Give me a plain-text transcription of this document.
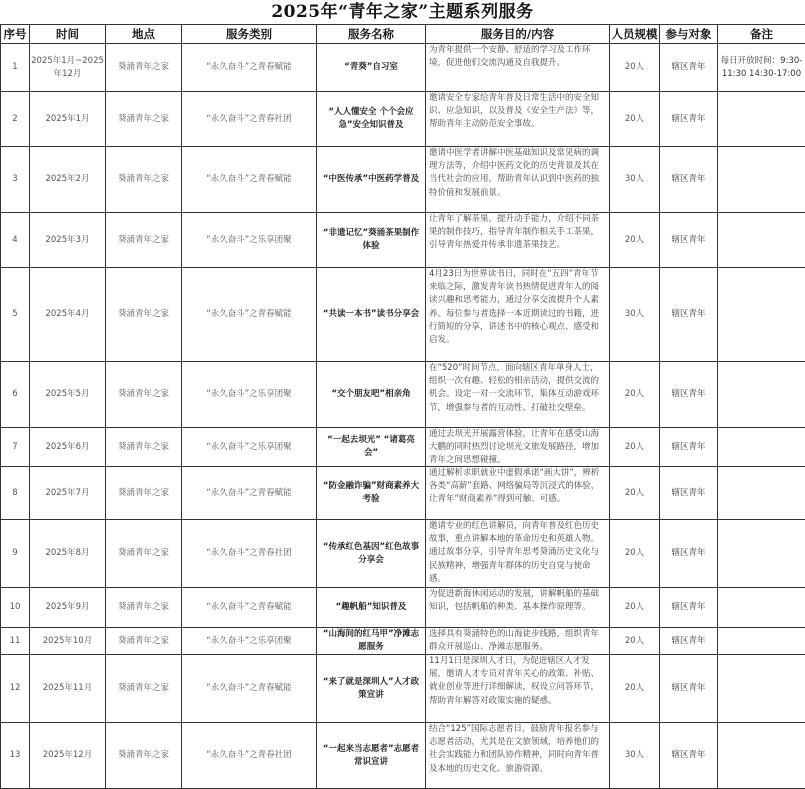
2025年“青年之家”主题系列服务
序号	时间	地点	服务类别	服务名称	服务目的/内容	人员规模	参与对象	备注
1	2025年1月~2025年12月	葵涌青年之家	“永久奋斗”之青春赋能	“青葵”自习室	为青年提供一个安静、舒适的学习及工作环境，促进他们交流沟通及自我提升。	20人	辖区青年	每日开放时间：9:30-11:30 14:30-17:00
2	2025年1月	葵涌青年之家	“永久奋斗”之青春社团	“人人懂安全 个个会应急”安全知识普及	邀请安全专家给青年普及日常生活中的安全知识、应急知识，以及普及《安全生产法》等，帮助青年主动防范安全事故。	20人	辖区青年	
3	2025年2月	葵涌青年之家	“永久奋斗”之青春赋能	“中医传承”中医药学普及	邀请中医学者讲解中医基础知识及常见病的调理方法等，介绍中医药文化的历史背景及其在当代社会的应用，帮助青年认识到中医药的独特价值和发展前景。	30人	辖区青年	
4	2025年3月	葵涌青年之家	“永久奋斗”之乐享团聚	“非遗记忆”葵涌茶果制作体验	让青年了解茶果，提升动手能力，介绍不同茶果的制作技巧，指导青年制作相关手工茶果，引导青年热爱并传承非遗茶果技艺。	20人	辖区青年	
5	2025年4月	葵涌青年之家	“永久奋斗”之青春赋能	“共读一本书”读书分享会	4月23日为世界读书日，同时在“五四”青年节来临之际，激发青年读书热情促进青年人的阅读兴趣和思考能力，通过分享交流提升个人素养。每位参与者选择一本近期读过的书籍，进行简短的分享，讲述书中的核心观点、感受和启发。	30人	辖区青年	
6	2025年5月	葵涌青年之家	“永久奋斗”之乐享团聚	“交个朋友吧”相亲角	在“520”时间节点，面向辖区青年单身人士，组织一次有趣、轻松的相亲活动，提供交流的机会。设定一对一交流环节，集体互动游戏环节，增强参与者的互动性、打破社交壁垒。	20人	辖区青年	
7	2025年6月	葵涌青年之家	“永久奋斗”之乐享团聚	“一起去坝光” “诸葛亮会”	通过去坝光开展露营体验，让青年在感受山海大鹏的同时热烈讨论坝光文旅发展路径，增加青年之间思想碰撞。	20人	辖区青年	
8	2025年7月	葵涌青年之家	“永久奋斗”之青春赋能	“防金融诈骗”财商素养大考验	通过解析求职就业中虚假承诺“画大饼”，辨析各类“高薪”套路、网络骗局等沉浸式的体验，让青年“财商素养”得到可触、可感。	20人	辖区青年	
9	2025年8月	葵涌青年之家	“永久奋斗”之青春社团	“传承红色基因”红色故事分享会	邀请专业的红色讲解员，向青年普及红色历史故事，重点讲解本地的革命历史和英雄人物。通过故事分享，引导青年思考葵涌历史文化与民族精神，增强青年群体的历史自觉与使命感。	20人	辖区青年	
10	2025年9月	葵涌青年之家	“永久奋斗”之青春赋能	“趣帆船”知识普及	为促进新海休闲运动的发展，讲解帆船的基础知识，包括帆船的种类、基本操作原理等。	20人	辖区青年	
11	2025年10月	葵涌青年之家	“永久奋斗”之乐享团聚	“山海间的红马甲”净滩志愿服务	选择具有葵涌特色的山海徒步线路，组织青年群众开展巡山、净滩志愿服务。	20人	辖区青年	
12	2025年11月	葵涌青年之家	“永久奋斗”之青春赋能	“来了就是深圳人”人才政策宣讲	11月1日是深圳人才日，为促进辖区人才发展，邀请人才专员对青年关心的政策、补贴、就业创业等进行详细解读，权设立问答环节，帮助青年解答对政策实施的疑惑。	20人	辖区青年	
13	2025年12月	葵涌青年之家	“永久奋斗”之青春社团	“一起来当志愿者”志愿者常识宣讲	结合“125”国际志愿者日，鼓励青年报名参与志愿者活动，尤其是在文旅领域，培养他们的社会实践能力和团队协作精神，同时向青年普及本地的历史文化、旅游资源。	30人	辖区青年	
